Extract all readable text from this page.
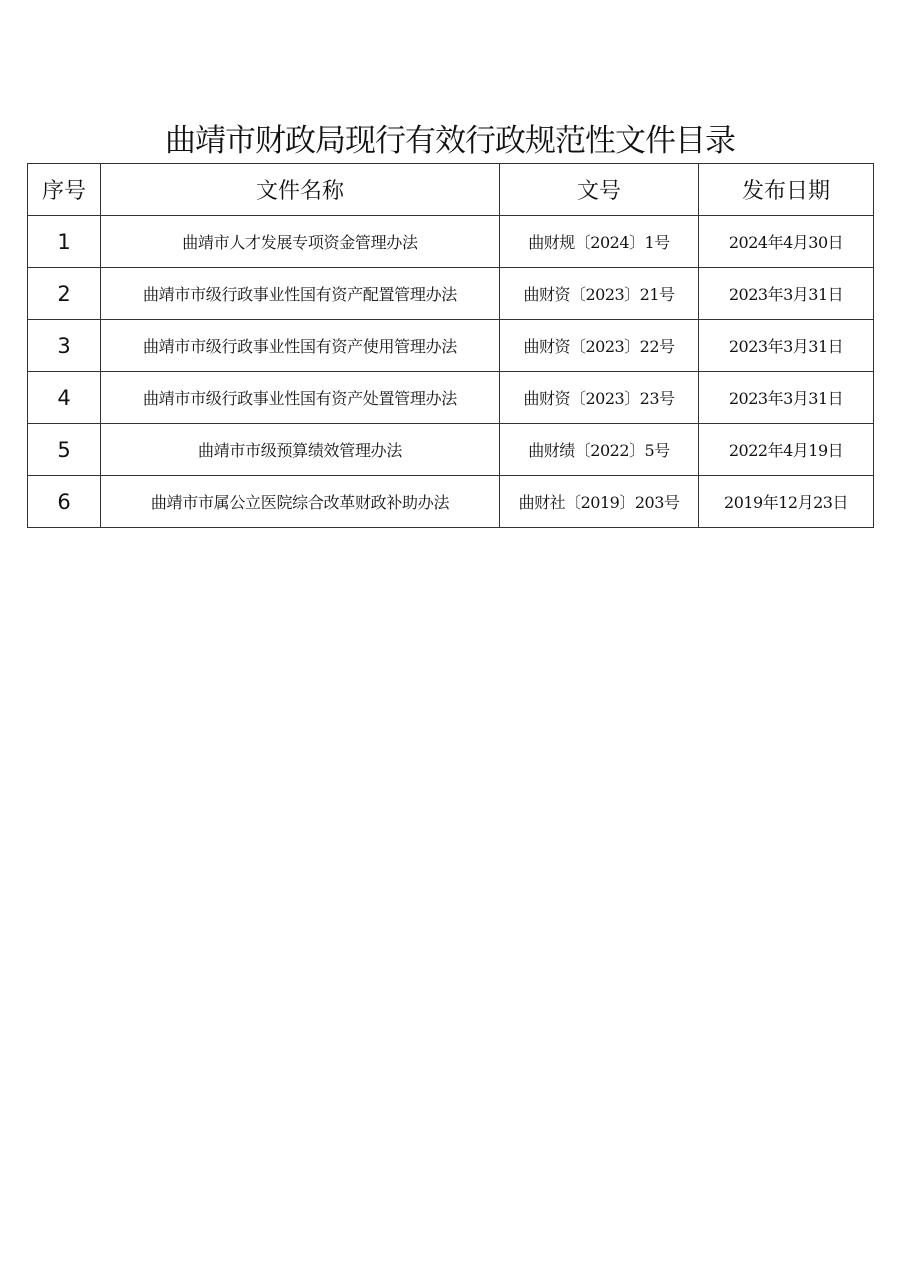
曲靖市财政局现行有效行政规范性文件目录
序号	文件名称	文号	发布日期
1	曲靖市人才发展专项资金管理办法	曲财规〔2024〕1号	2024年4月30日
2	曲靖市市级行政事业性国有资产配置管理办法	曲财资〔2023〕21号	2023年3月31日
3	曲靖市市级行政事业性国有资产使用管理办法	曲财资〔2023〕22号	2023年3月31日
4	曲靖市市级行政事业性国有资产处置管理办法	曲财资〔2023〕23号	2023年3月31日
5	曲靖市市级预算绩效管理办法	曲财绩〔2022〕5号	2022年4月19日
6	曲靖市市属公立医院综合改革财政补助办法	曲财社〔2019〕203号	2019年12月23日
